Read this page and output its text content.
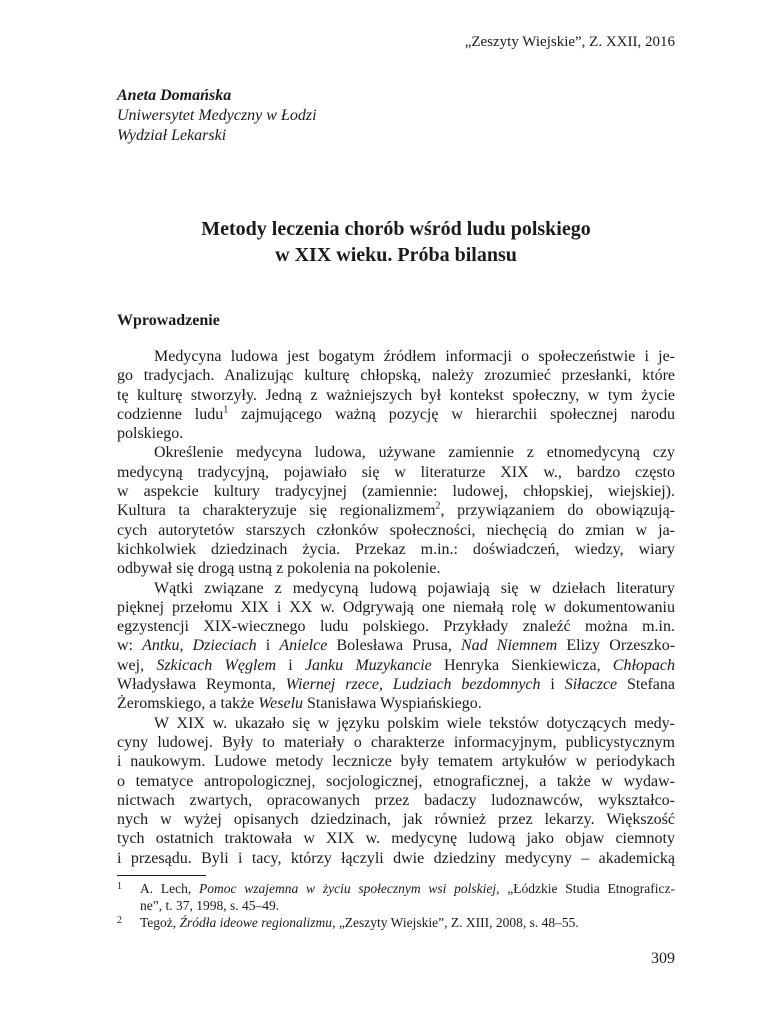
„Zeszyty Wiejskie”, Z. XXII, 2016
Aneta Domańska
Uniwersytet Medyczny w Łodzi
Wydział Lekarski
Metody leczenia chorób wśród ludu polskiego
w XIX wieku. Próba bilansu
Wprowadzenie
Medycyna ludowa jest bogatym źródłem informacji o społeczeństwie i je-
go tradycjach. Analizując kulturę chłopską, należy zrozumieć przesłanki, które
tę kulturę stworzyły. Jedną z ważniejszych był kontekst społeczny, w tym życie
codzienne ludu$^1$ zajmującego ważną pozycję w hierarchii społecznej narodu
polskiego.
Określenie medycyna ludowa, używane zamiennie z etnomedycyną czy
medycyną tradycyjną, pojawiało się w literaturze XIX w., bardzo często
w aspekcie kultury tradycyjnej (zamiennie: ludowej, chłopskiej, wiejskiej).
Kultura ta charakteryzuje się regionalizmem$^2$, przywiązaniem do obowiązują-
cych autorytetów starszych członków społeczności, niechęcią do zmian w ja-
kichkolwiek dziedzinach życia. Przekaz m.in.: doświadczeń, wiedzy, wiary
odbywał się drogą ustną z pokolenia na pokolenie.
Wątki związane z medycyną ludową pojawiają się w dziełach literatury
pięknej przełomu XIX i XX w. Odgrywają one niemałą rolę w dokumentowaniu
egzystencji XIX-wiecznego ludu polskiego. Przykłady znaleźć można m.in.
w: Antku, Dzieciach i Anielce Bolesława Prusa, Nad Niemnem Elizy Orzeszko-
wej, Szkicach Węglem i Janku Muzykancie Henryka Sienkiewicza, Chłopach
Władysława Reymonta, Wiernej rzece, Ludziach bezdomnych i Siłaczce Stefana
Żeromskiego, a także Weselu Stanisława Wyspiańskiego.
W XIX w. ukazało się w języku polskim wiele tekstów dotyczących medy-
cyny ludowej. Były to materiały o charakterze informacyjnym, publicystycznym
i naukowym. Ludowe metody lecznicze były tematem artykułów w periodykach
o tematyce antropologicznej, socjologicznej, etnograficznej, a także w wydaw-
nictwach zwartych, opracowanych przez badaczy ludoznawców, wykształco-
nych w wyżej opisanych dziedzinach, jak również przez lekarzy. Większość
tych ostatnich traktowała w XIX w. medycynę ludową jako objaw ciemnoty
i przesądu. Byli i tacy, którzy łączyli dwie dziedziny medycyny – akademicką
1 A. Lech, Pomoc wzajemna w życiu społecznym wsi polskiej, „Łódzkie Studia Etnograficz-
ne”, t. 37, 1998, s. 45–49.
2 Tegoż, Źródła ideowe regionalizmu, „Zeszyty Wiejskie”, Z. XIII, 2008, s. 48–55.
309
